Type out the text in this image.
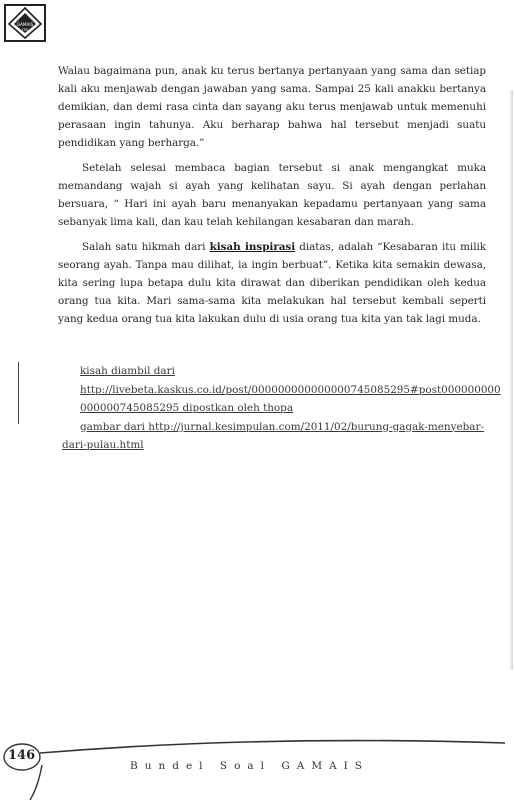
GAMAIS
ITB

Walau bagaimana pun, anak ku terus bertanya pertanyaan yang sama dan setiap kali aku menjawab dengan jawaban yang sama. Sampai 25 kali anakku bertanya demikian, dan demi rasa cinta dan sayang aku terus menjawab untuk memenuhi perasaan ingin tahunya. Aku berharap bahwa hal tersebut menjadi suatu pendidikan yang berharga.”

Setelah selesai membaca bagian tersebut si anak mengangkat muka memandang wajah si ayah yang kelihatan sayu. Si ayah dengan perlahan bersuara, “ Hari ini ayah baru menanyakan kepadamu pertanyaan yang sama sebanyak lima kali, dan kau telah kehilangan kesabaran dan marah.

Salah satu hikmah dari kisah inspirasi diatas, adalah “Kesabaran itu milik seorang ayah. Tanpa mau dilihat, ia ingin berbuat”. Ketika kita semakin dewasa, kita sering lupa betapa dulu kita dirawat dan diberikan pendidikan oleh kedua orang tua kita. Mari sama-sama kita melakukan hal tersebut kembali seperti yang kedua orang tua kita lakukan dulu di usia orang tua kita yan tak lagi muda.

kisah diambil dari
http://livebeta.kaskus.co.id/post/000000000000000745085295#post000000000
000000745085295 dipostkan oleh thopa
gambar dari http://jurnal.kesimpulan.com/2011/02/burung-gagak-menyebar-
dari-pulau.html
146
Bundel Soal GAMAIS
